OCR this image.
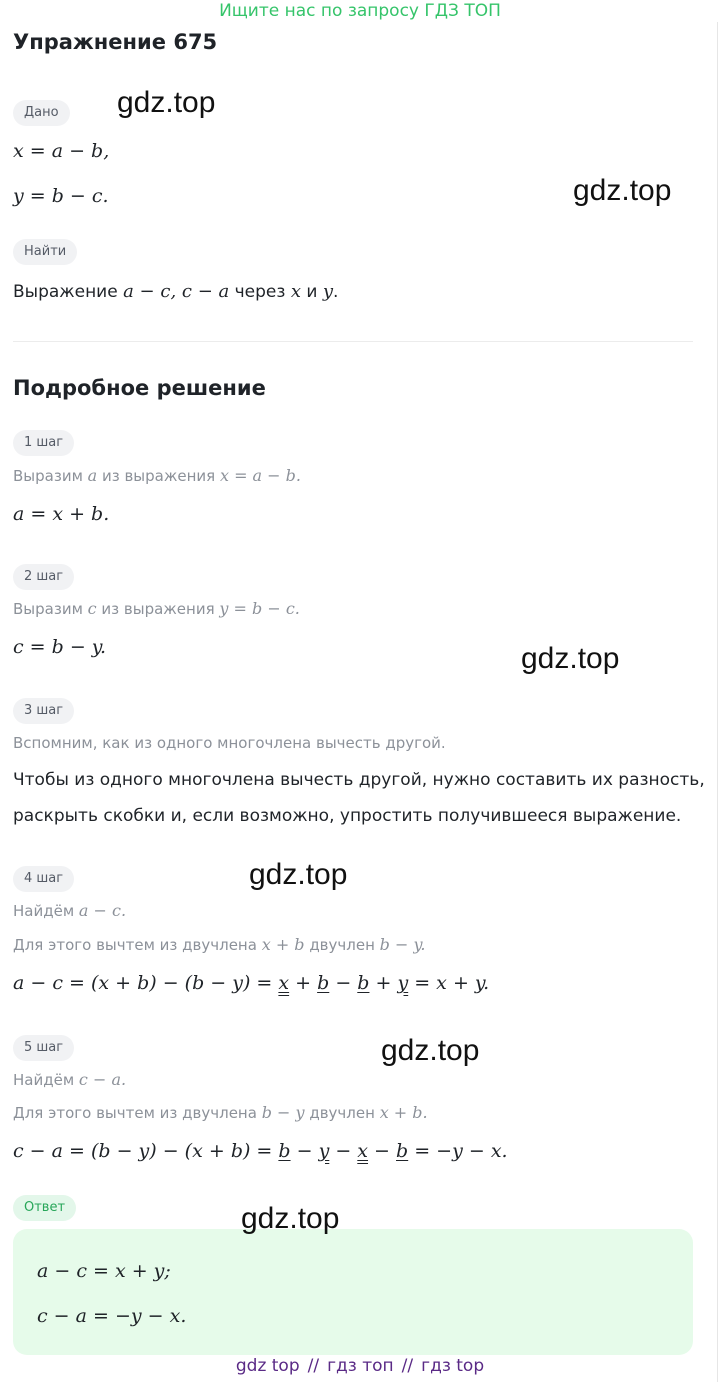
Ищите нас по запросу ГДЗ ТОП
Упражнение 675
Дано
x = a − b,
y = b − c.
Найти
Выражение a − c, c − a через x и y.
Подробное решение
1 шаг
Выразим a из выражения x = a − b.
a = x + b.
2 шаг
Выразим c из выражения y = b − c.
c = b − y.
3 шаг
Вспомним, как из одного многочлена вычесть другой.
Чтобы из одного многочлена вычесть другой, нужно составить их разность,
раскрыть скобки и, если возможно, упростить получившееся выражение.
4 шаг
Найдём a − c.
Для этого вычтем из двучлена x + b двучлен b − y.
a − c = (x + b) − (b − y) = x + b − b + y = x + y.
5 шаг
Найдём c − a.
Для этого вычтем из двучлена b − y двучлен x + b.
c − a = (b − y) − (x + b) = b − y − x − b = −y − x.
Ответ
a − c = x + y;
c − a = −y − x.
gdz.top
gdz.top
gdz.top
gdz.top
gdz.top
gdz.top
gdz top // гдз топ // гдз top
